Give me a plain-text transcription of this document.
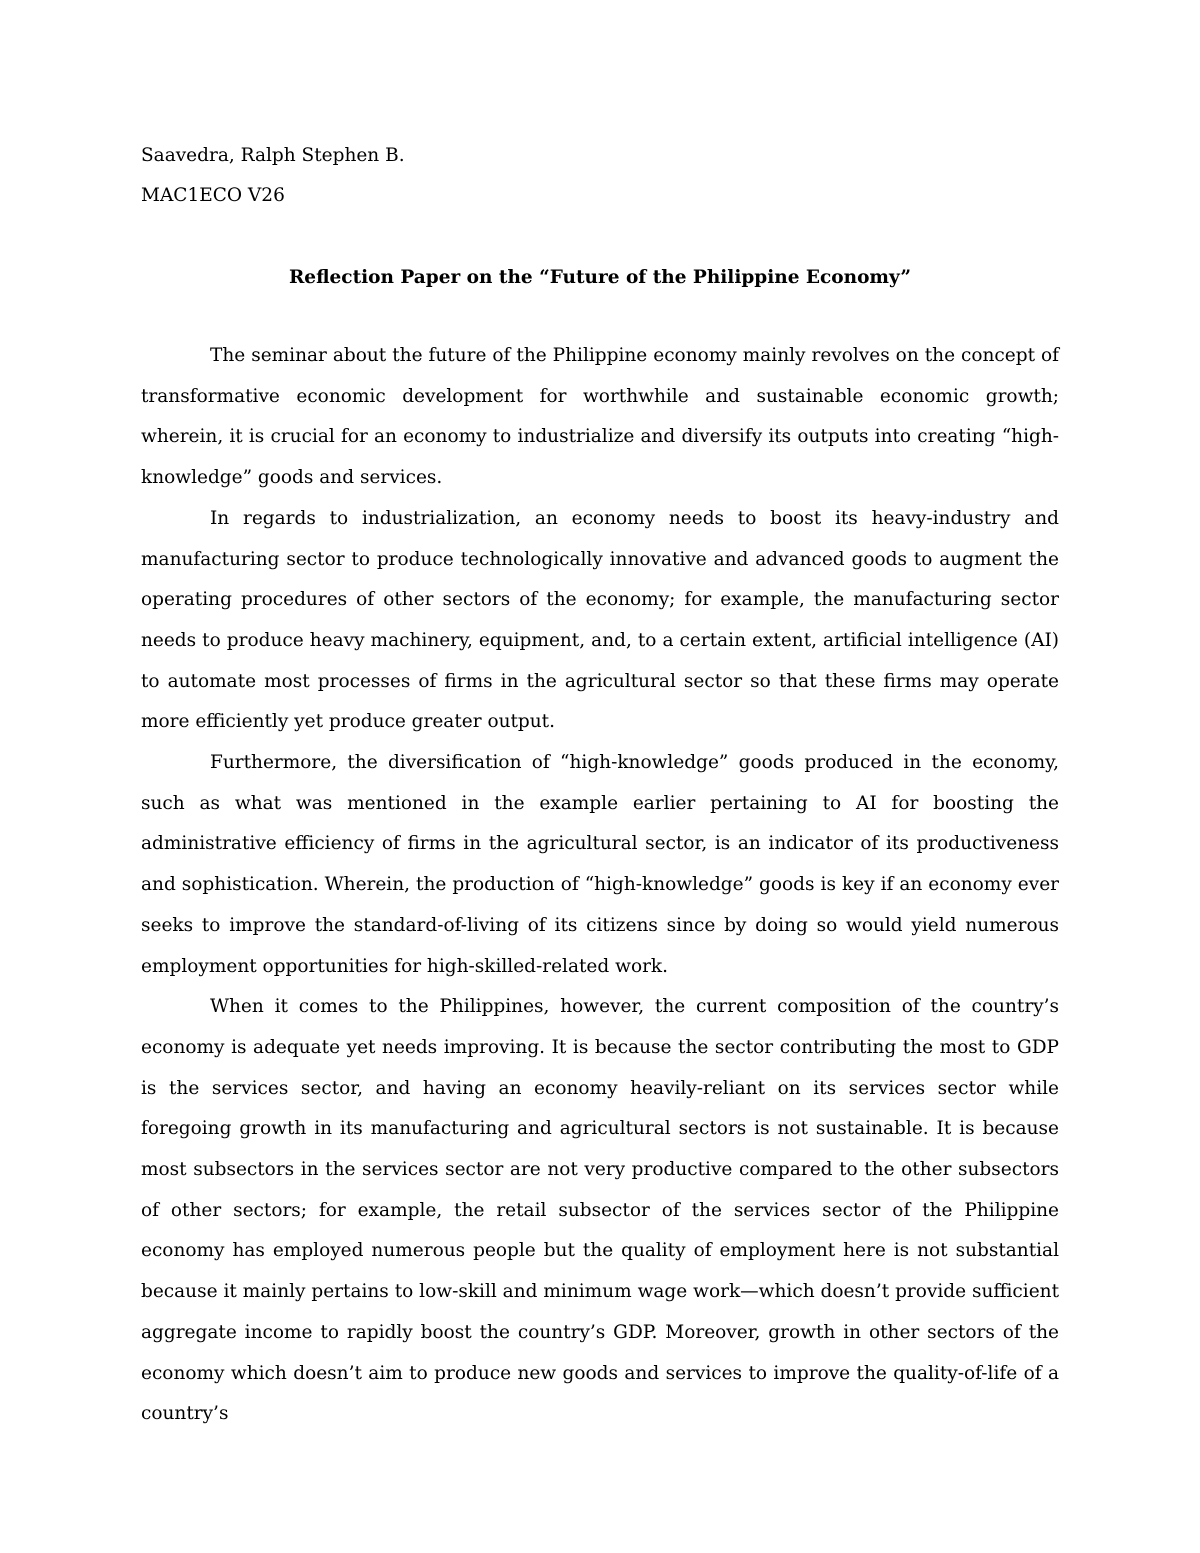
Saavedra, Ralph Stephen B.

MAC1ECO V26

Reflection Paper on the “Future of the Philippine Economy”

The seminar about the future of the Philippine economy mainly revolves on the concept of transformative economic development for worthwhile and sustainable economic growth; wherein, it is crucial for an economy to industrialize and diversify its outputs into creating “high-knowledge” goods and services.

In regards to industrialization, an economy needs to boost its heavy-industry and manufacturing sector to produce technologically innovative and advanced goods to augment the operating procedures of other sectors of the economy; for example, the manufacturing sector needs to produce heavy machinery, equipment, and, to a certain extent, artificial intelligence (AI) to automate most processes of firms in the agricultural sector so that these firms may operate more efficiently yet produce greater output.

Furthermore, the diversification of “high-knowledge” goods produced in the economy, such as what was mentioned in the example earlier pertaining to AI for boosting the administrative efficiency of firms in the agricultural sector, is an indicator of its productiveness and sophistication. Wherein, the production of “high-knowledge” goods is key if an economy ever seeks to improve the standard-of-living of its citizens since by doing so would yield numerous employment opportunities for high-skilled-related work.

When it comes to the Philippines, however, the current composition of the country’s economy is adequate yet needs improving. It is because the sector contributing the most to GDP is the services sector, and having an economy heavily-reliant on its services sector while foregoing growth in its manufacturing and agricultural sectors is not sustainable. It is because most subsectors in the services sector are not very productive compared to the other subsectors of other sectors; for example, the retail subsector of the services sector of the Philippine economy has employed numerous people but the quality of employment here is not substantial because it mainly pertains to low-skill and minimum wage work—which doesn’t provide sufficient aggregate income to rapidly boost the country’s GDP. Moreover, growth in other sectors of the economy which doesn’t aim to produce new goods and services to improve the quality-of-life of a country’s
